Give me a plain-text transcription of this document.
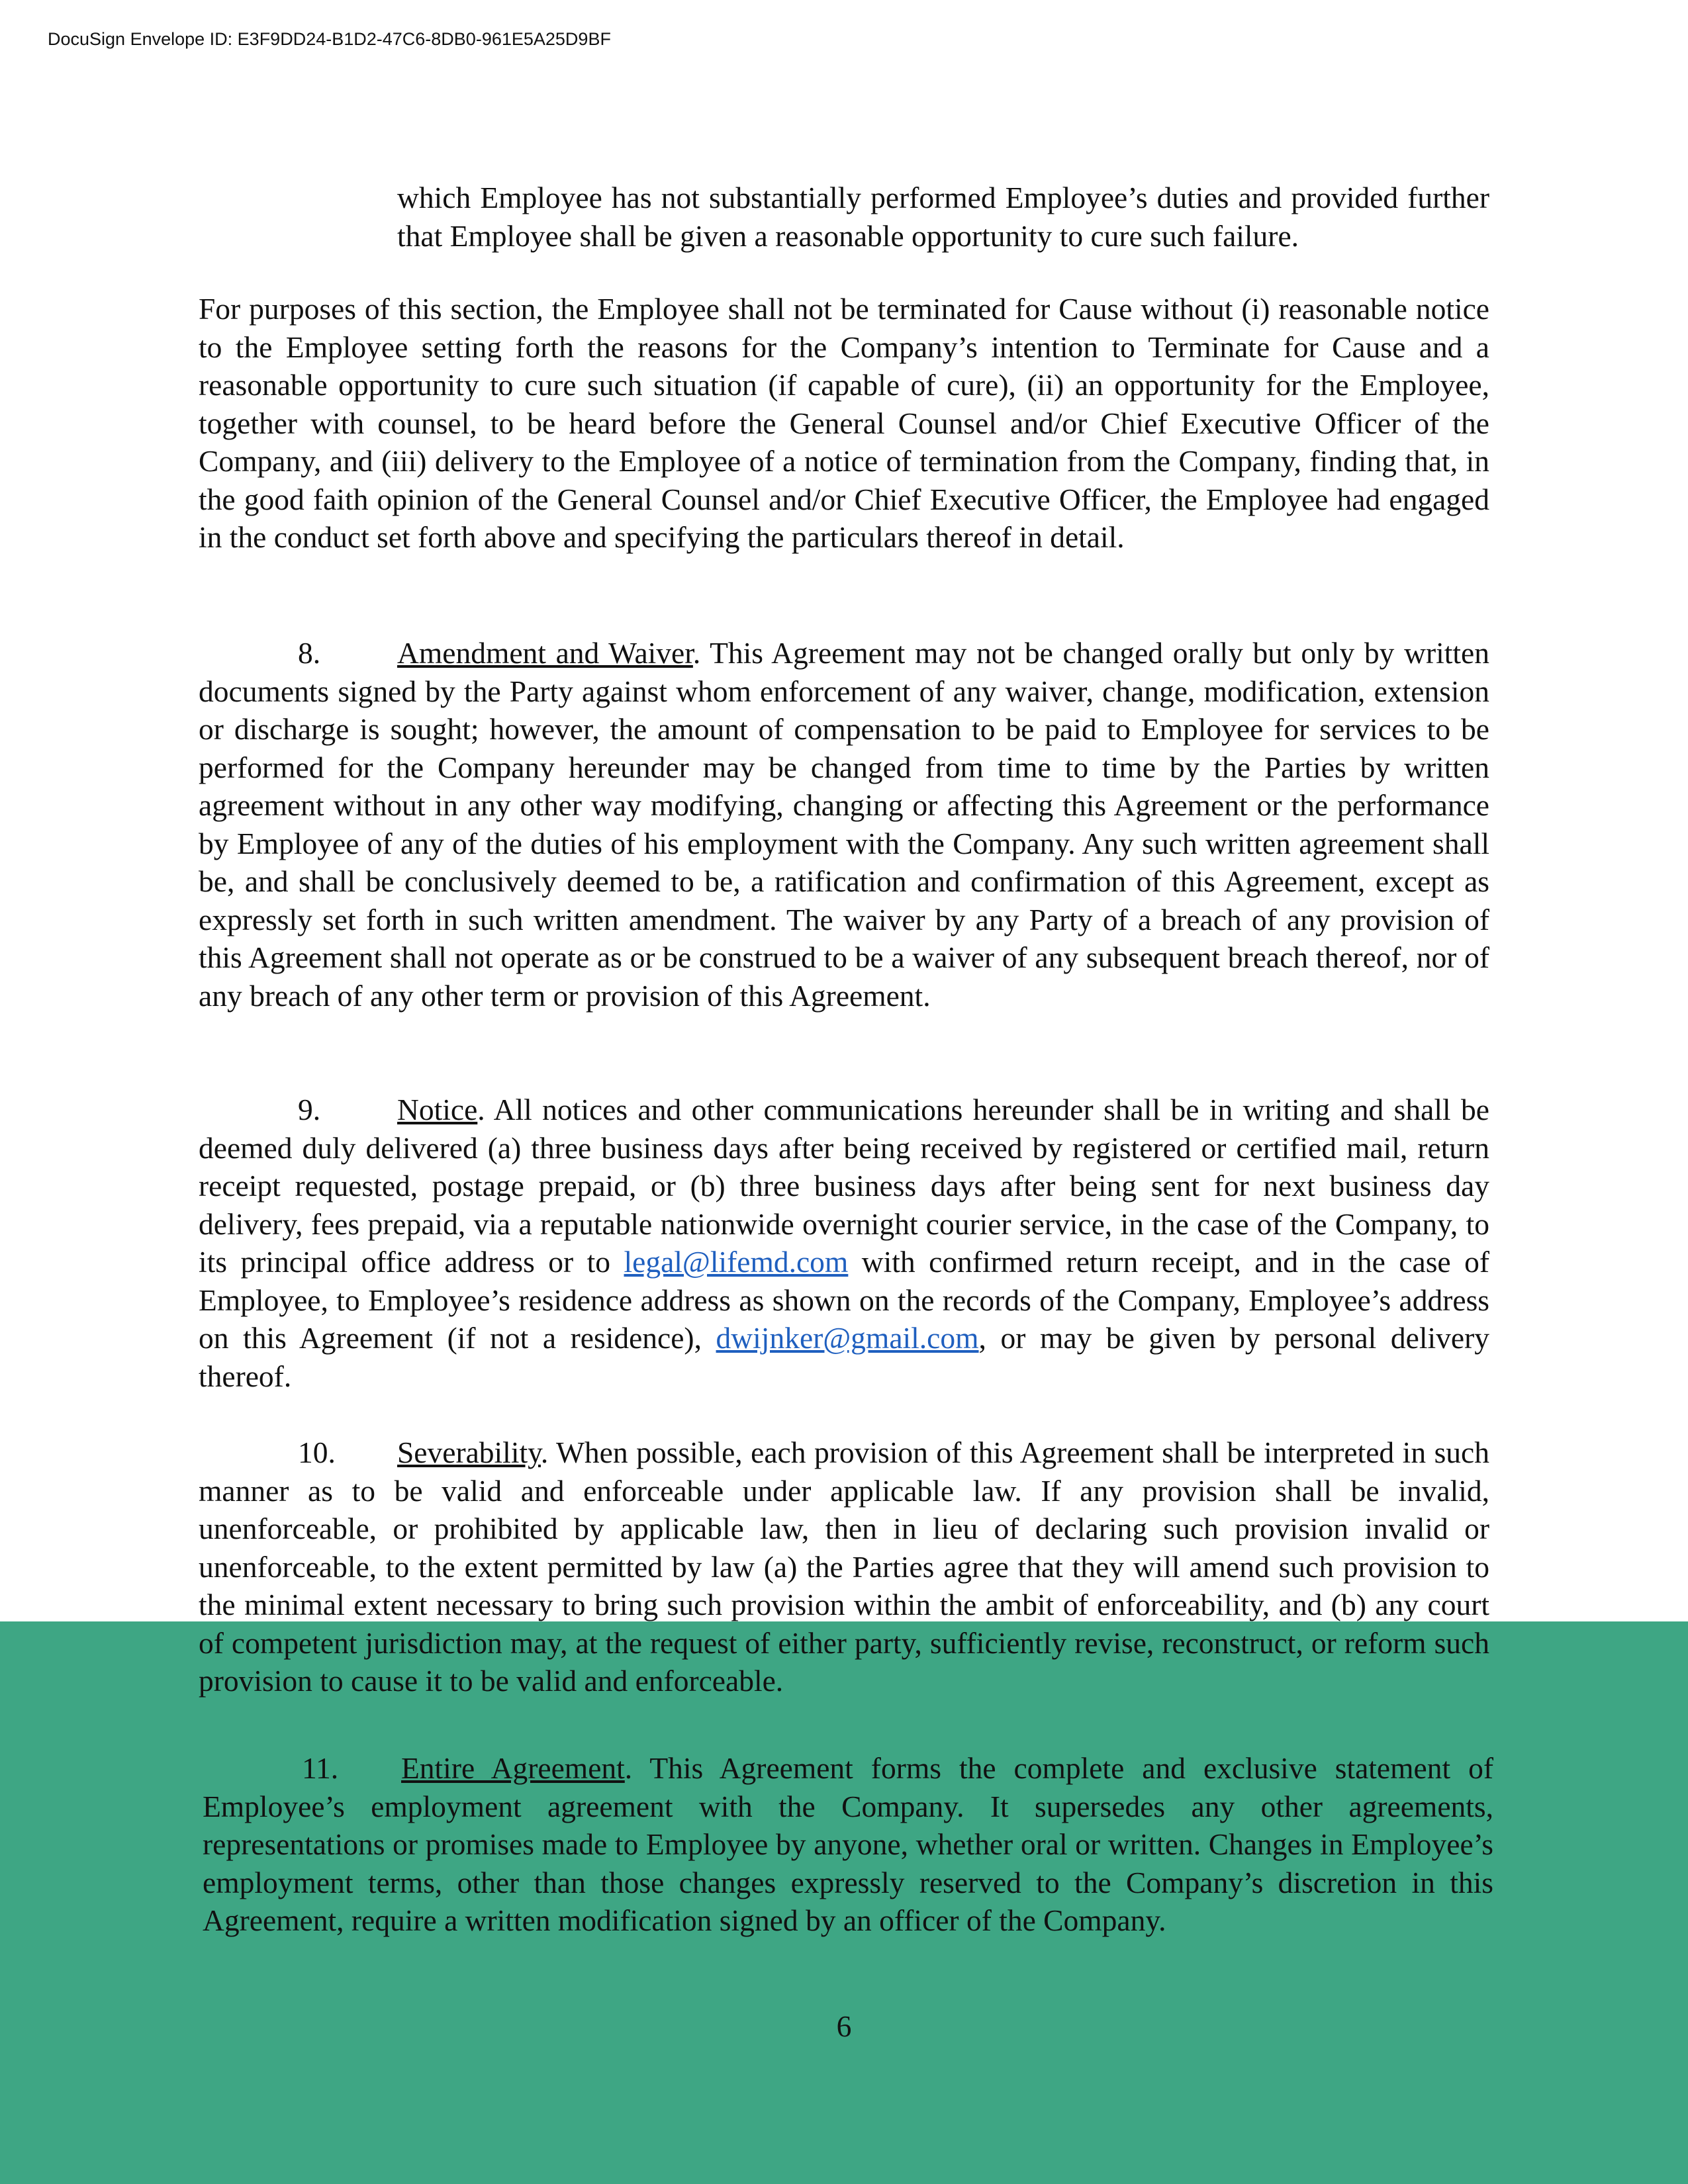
DocuSign Envelope ID: E3F9DD24-B1D2-47C6-8DB0-961E5A25D9BF

which Employee has not substantially performed Employee’s duties and provided further that Employee shall be given a reasonable opportunity to cure such failure.

For purposes of this section, the Employee shall not be terminated for Cause without (i) reasonable notice to the Employee setting forth the reasons for the Company’s intention to Terminate for Cause and a reasonable opportunity to cure such situation (if capable of cure), (ii) an opportunity for the Employee, together with counsel, to be heard before the General Counsel and/or Chief Executive Officer of the Company, and (iii) delivery to the Employee of a notice of termination from the Company, finding that, in the good faith opinion of the General Counsel and/or Chief Executive Officer, the Employee had engaged in the conduct set forth above and specifying the particulars thereof in detail.

8.	Amendment and Waiver. This Agreement may not be changed orally but only by written documents signed by the Party against whom enforcement of any waiver, change, modification, extension or discharge is sought; however, the amount of compensation to be paid to Employee for services to be performed for the Company hereunder may be changed from time to time by the Parties by written agreement without in any other way modifying, changing or affecting this Agreement or the performance by Employee of any of the duties of his employment with the Company. Any such written agreement shall be, and shall be conclusively deemed to be, a ratification and confirmation of this Agreement, except as expressly set forth in such written amendment. The waiver by any Party of a breach of any provision of this Agreement shall not operate as or be construed to be a waiver of any subsequent breach thereof, nor of any breach of any other term or provision of this Agreement.

9.	Notice. All notices and other communications hereunder shall be in writing and shall be deemed duly delivered (a) three business days after being received by registered or certified mail, return receipt requested, postage prepaid, or (b) three business days after being sent for next business day delivery, fees prepaid, via a reputable nationwide overnight courier service, in the case of the Company, to its principal office address or to legal@lifemd.com with confirmed return receipt, and in the case of Employee, to Employee’s residence address as shown on the records of the Company, Employee’s address on this Agreement (if not a residence), dwijnker@gmail.com, or may be given by personal delivery thereof.

10. Severability. When possible, each provision of this Agreement shall be interpreted in such manner as to be valid and enforceable under applicable law. If any provision shall be invalid, unenforceable, or prohibited by applicable law, then in lieu of declaring such provision invalid or unenforceable, to the extent permitted by law (a) the Parties agree that they will amend such provision to the minimal extent necessary to bring such provision within the ambit of enforceability, and (b) any court of competent jurisdiction may, at the request of either party, sufficiently revise, reconstruct, or reform such provision to cause it to be valid and enforceable.

11. Entire Agreement. This Agreement forms the complete and exclusive statement of Employee’s employment agreement with the Company. It supersedes any other agreements, representations or promises made to Employee by anyone, whether oral or written. Changes in Employee’s employment terms, other than those changes expressly reserved to the Company’s discretion in this Agreement, require a written modification signed by an officer of the Company.

6
